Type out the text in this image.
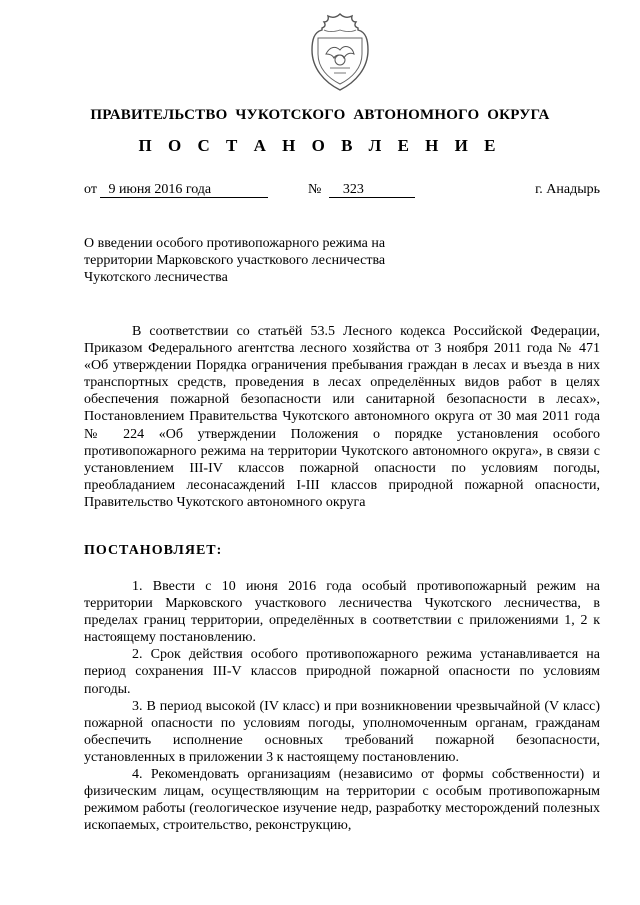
ПРАВИТЕЛЬСТВО ЧУКОТСКОГО АВТОНОМНОГО ОКРУГА
П О С Т А Н О В Л Е Н И Е
от 9 июня 2016 года	№ 323	г. Анадырь
О введении особого противопожарного режима на территории Марковского участкового лесничества Чукотского лесничества

В соответствии со статьёй 53.5 Лесного кодекса Российской Федерации, Приказом Федерального агентства лесного хозяйства от 3 ноября 2011 года № 471 «Об утверждении Порядка ограничения пребывания граждан в лесах и въезда в них транспортных средств, проведения в лесах определённых видов работ в целях обеспечения пожарной безопасности или санитарной безопасности в лесах», Постановлением Правительства Чукотского автономного округа от 30 мая 2011 года № 224 «Об утверждении Положения о порядке установления особого противопожарного режима на территории Чукотского автономного округа», в связи с установлением III-IV классов пожарной опасности по условиям погоды, преобладанием лесонасаждений I-III классов природной пожарной опасности, Правительство Чукотского автономного округа

ПОСТАНОВЛЯЕТ:

1. Ввести с 10 июня 2016 года особый противопожарный режим на территории Марковского участкового лесничества Чукотского лесничества, в пределах границ территории, определённых в соответствии с приложениями 1, 2 к настоящему постановлению.

2. Срок действия особого противопожарного режима устанавливается на период сохранения III-V классов природной пожарной опасности по условиям погоды.

3. В период высокой (IV класс) и при возникновении чрезвычайной (V класс) пожарной опасности по условиям погоды, уполномоченным органам, гражданам обеспечить исполнение основных требований пожарной безопасности, установленных в приложении 3 к настоящему постановлению.

4. Рекомендовать организациям (независимо от формы собственности) и физическим лицам, осуществляющим на территории с особым противопожарным режимом работы (геологическое изучение недр, разработку месторождений полезных ископаемых, строительство, реконструкцию,
